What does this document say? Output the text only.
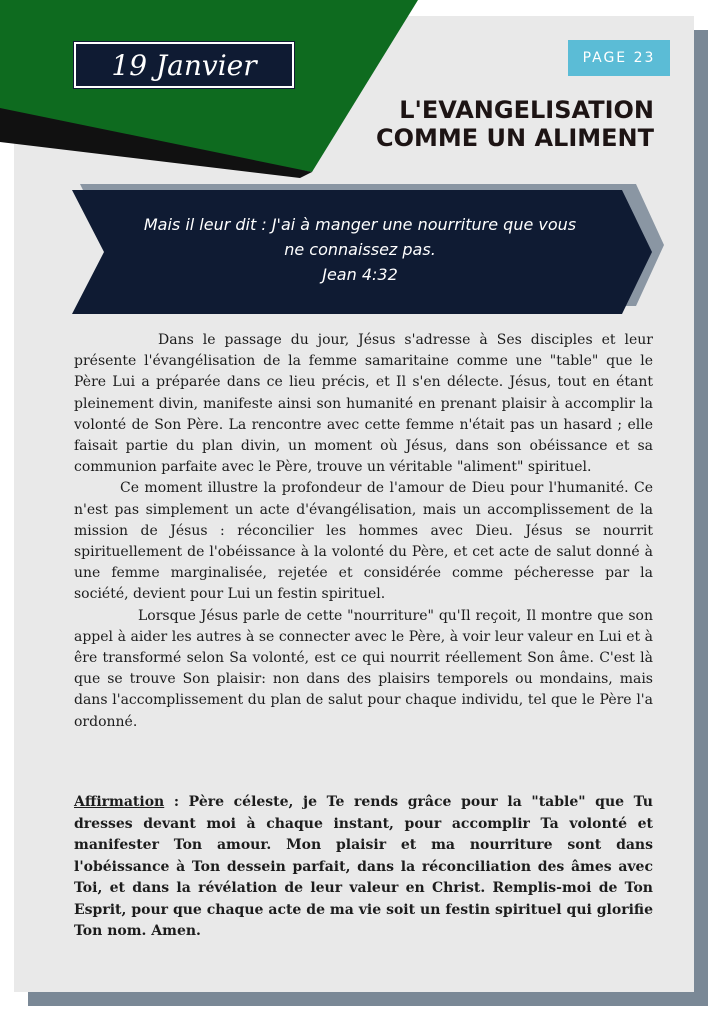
19 Janvier	PAGE 23
L'EVANGELISATION
COMME UN ALIMENT
Mais il leur dit : J'ai à manger une nourriture que vous
ne connaissez pas.
Jean 4:32

Dans le passage du jour, Jésus s'adresse à Ses disciples et leur présente l'évangélisation de la femme samaritaine comme une "table" que le Père Lui a préparée dans ce lieu précis, et Il s'en délecte. Jésus, tout en étant pleinement divin, manifeste ainsi son humanité en prenant plaisir à accomplir la volonté de Son Père. La rencontre avec cette femme n'était pas un hasard ; elle faisait partie du plan divin, un moment où Jésus, dans son obéissance et sa communion parfaite avec le Père, trouve un véritable "aliment" spirituel.

Ce moment illustre la profondeur de l'amour de Dieu pour l'humanité. Ce n'est pas simplement un acte d'évangélisation, mais un accomplissement de la mission de Jésus : réconcilier les hommes avec Dieu. Jésus se nourrit spirituellement de l'obéissance à la volonté du Père, et cet acte de salut donné à une femme marginalisée, rejetée et considérée comme pécheresse par la société, devient pour Lui un festin spirituel.

Lorsque Jésus parle de cette "nourriture" qu'Il reçoit, Il montre que son appel à aider les autres à se connecter avec le Père, à voir leur valeur en Lui et à êre transformé selon Sa volonté, est ce qui nourrit réellement Son âme. C'est là que se trouve Son plaisir: non dans des plaisirs temporels ou mondains, mais dans l'accomplissement du plan de salut pour chaque individu, tel que le Père l'a ordonné.

Affirmation : Père céleste, je Te rends grâce pour la "table" que Tu dresses devant moi à chaque instant, pour accomplir Ta volonté et manifester Ton amour. Mon plaisir et ma nourriture sont dans l'obéissance à Ton dessein parfait, dans la réconciliation des âmes avec Toi, et dans la révélation de leur valeur en Christ. Remplis-moi de Ton Esprit, pour que chaque acte de ma vie soit un festin spirituel qui glorifie Ton nom. Amen.
